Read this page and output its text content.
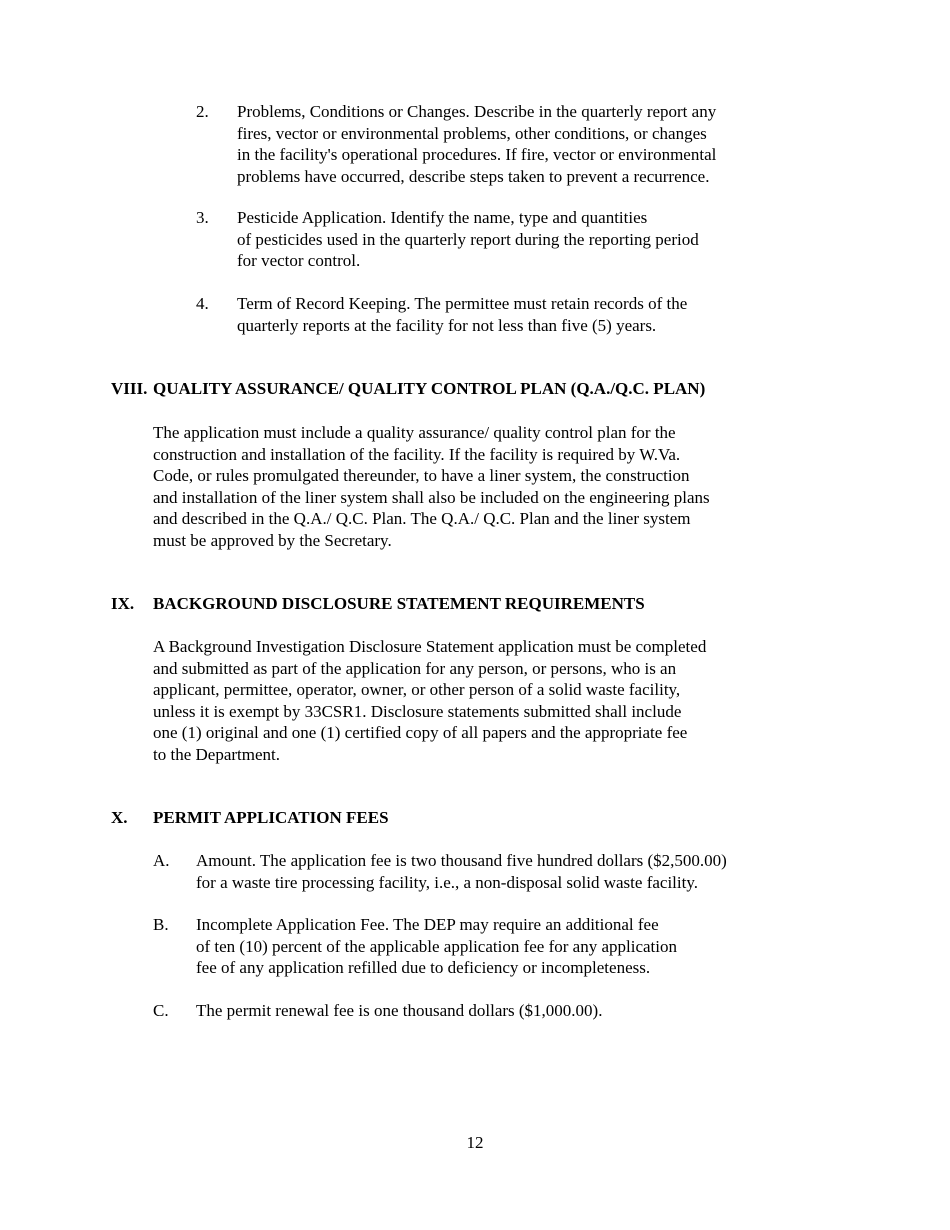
2. Problems, Conditions or Changes. Describe in the quarterly report any
fires, vector or environmental problems, other conditions, or changes
in the facility's operational procedures. If fire, vector or environmental
problems have occurred, describe steps taken to prevent a recurrence.
3. Pesticide Application. Identify the name, type and quantities
of pesticides used in the quarterly report during the reporting period
for vector control.
4. Term of Record Keeping. The permittee must retain records of the
quarterly reports at the facility for not less than five (5) years.
VIII. QUALITY ASSURANCE/ QUALITY CONTROL PLAN (Q.A./Q.C. PLAN)
The application must include a quality assurance/ quality control plan for the
construction and installation of the facility. If the facility is required by W.Va.
Code, or rules promulgated thereunder, to have a liner system, the construction
and installation of the liner system shall also be included on the engineering plans
and described in the Q.A./ Q.C. Plan. The Q.A./ Q.C. Plan and the liner system
must be approved by the Secretary.
IX. BACKGROUND DISCLOSURE STATEMENT REQUIREMENTS
A Background Investigation Disclosure Statement application must be completed
and submitted as part of the application for any person, or persons, who is an
applicant, permittee, operator, owner, or other person of a solid waste facility,
unless it is exempt by 33CSR1. Disclosure statements submitted shall include
one (1) original and one (1) certified copy of all papers and the appropriate fee
to the Department.
X. PERMIT APPLICATION FEES
A. Amount. The application fee is two thousand five hundred dollars ($2,500.00)
for a waste tire processing facility, i.e., a non-disposal solid waste facility.
B. Incomplete Application Fee. The DEP may require an additional fee
of ten (10) percent of the applicable application fee for any application
fee of any application refilled due to deficiency or incompleteness.
C. The permit renewal fee is one thousand dollars ($1,000.00).
12
